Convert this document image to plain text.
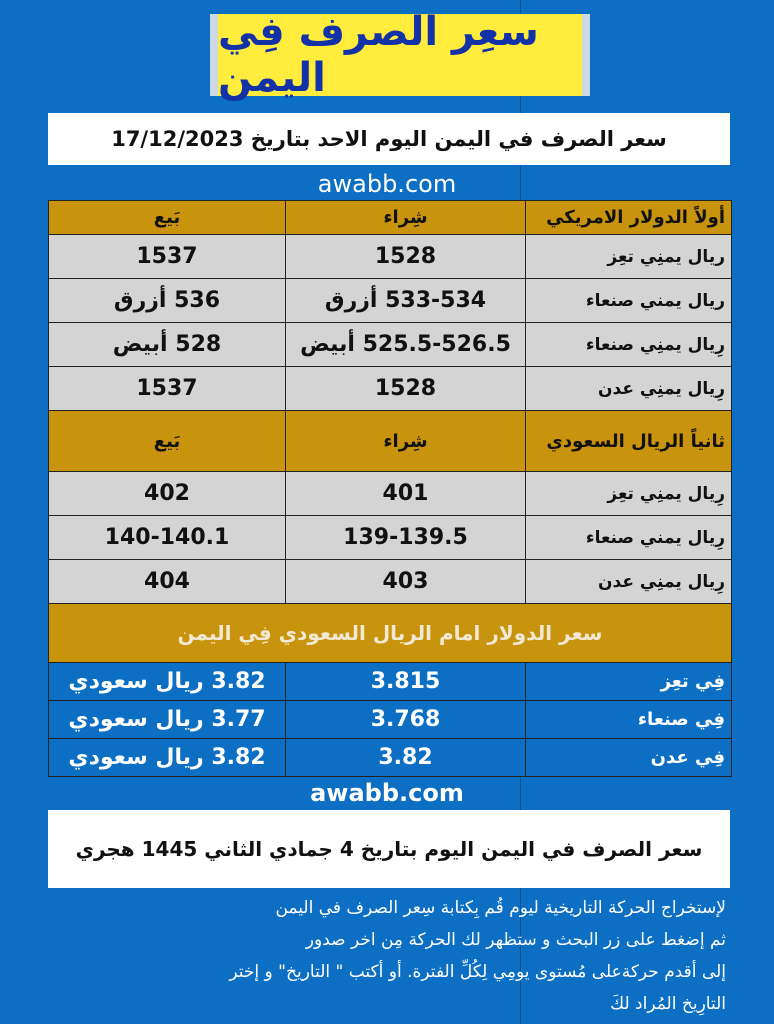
سعِر الصرف فِي اليمن
سعر الصرف في اليمن اليوم الاحد بتاريخ 17/12/2023
awabb.com
أولاً الدولار الامريكي	شِراء	بَيع
ريال يمنِي تعِز	1528	1537
ريال يمني صنعاء	533-534 أزرق	536 أزرق
رِيال يمنِي صنعاء	525.5-526.5 أبيض	528 أبيض
رِيال يمنِي عدن	1528	1537
ثانياً الريال السعودي	شِراء	بَيع
رِيال يمنِي تعِز	401	402
رِيال يمني صنعاء	139-139.5	140-140.1
رِيال يمنِي عدن	403	404
سعر الدولار امام الريال السعودي فِي اليمن		
فِي تعِز	3.815	3.82 ريال سعودي
فِي صنعاء	3.768	3.77 ريال سعودي
فِي عدن	3.82	3.82 ريال سعودي
awabb.com
سعر الصرف في اليمن اليوم بتاريخ 4 جمادي الثاني 1445 هجري
لإستخراج الحركة التاريخية ليوم قُم بِكتابة سِعر الصرف في اليمن
ثم إضغط على زر البحث و ستظهر لك الحركة مِن اخر صدور
إلى أقدم حركةعلى مُستوى يومِي لِكُلِّ الفترة. أو أكتب " التاريخ" و إختر
التارِيخ المُراد لكَ
